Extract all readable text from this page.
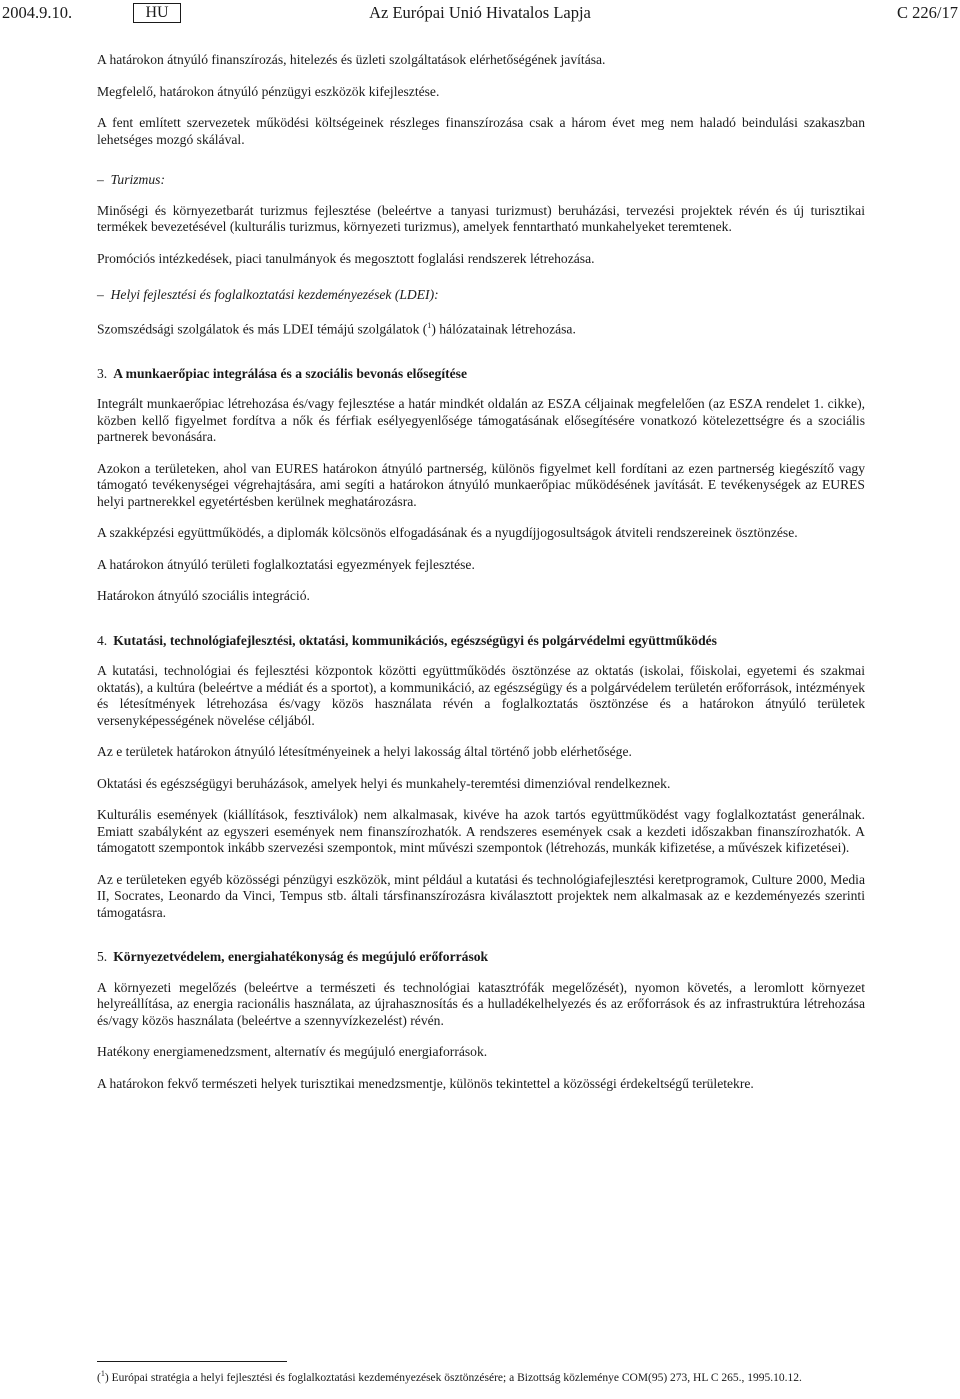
2004.9.10.	HU	Az Európai Unió Hivatalos Lapja	C 226/17

A határokon átnyúló finanszírozás, hitelezés és üzleti szolgáltatások elérhetőségének javítása.

Megfelelő, határokon átnyúló pénzügyi eszközök kifejlesztése.

A fent említett szervezetek működési költségeinek részleges finanszírozása csak a három évet meg nem haladó beindulási szakaszban lehetséges mozgó skálával.

– Turizmus:

Minőségi és környezetbarát turizmus fejlesztése (beleértve a tanyasi turizmust) beruházási, tervezési projektek révén és új turisztikai termékek bevezetésével (kulturális turizmus, környezeti turizmus), amelyek fenntartható munkahelyeket teremtenek.

Promóciós intézkedések, piaci tanulmányok és megosztott foglalási rendszerek létrehozása.

– Helyi fejlesztési és foglalkoztatási kezdeményezések (LDEI):

Szomszédsági szolgálatok és más LDEI témájú szolgálatok ($^1$) hálózatainak létrehozása.

3. A munkaerőpiac integrálása és a szociális bevonás elősegítése

Integrált munkaerőpiac létrehozása és/vagy fejlesztése a határ mindkét oldalán az ESZA céljainak megfelelően (az ESZA rendelet 1. cikke), közben kellő figyelmet fordítva a nők és férfiak esélyegyenlősége támogatásának elősegítésére vonatkozó kötelezettségre és a szociális partnerek bevonására.

Azokon a területeken, ahol van EURES határokon átnyúló partnerség, különös figyelmet kell fordítani az ezen partnerség kiegészítő vagy támogató tevékenységei végrehajtására, ami segíti a határokon átnyúló munkaerőpiac működésének javítását. E tevékenységek az EURES helyi partnerekkel egyetértésben kerülnek meghatározásra.

A szakképzési együttműködés, a diplomák kölcsönös elfogadásának és a nyugdíjjogosultságok átviteli rendszereinek ösztönzése.

A határokon átnyúló területi foglalkoztatási egyezmények fejlesztése.

Határokon átnyúló szociális integráció.

4. Kutatási, technológiafejlesztési, oktatási, kommunikációs, egészségügyi és polgárvédelmi együttműködés

A kutatási, technológiai és fejlesztési központok közötti együttműködés ösztönzése az oktatás (iskolai, főiskolai, egyetemi és szakmai oktatás), a kultúra (beleértve a médiát és a sportot), a kommunikáció, az egészségügy és a polgárvédelem területén erőforrások, intézmények és létesítmények létrehozása és/vagy közös használata révén a foglalkoztatás ösztönzése és a határokon átnyúló területek versenyképességének növelése céljából.

Az e területek határokon átnyúló létesítményeinek a helyi lakosság által történő jobb elérhetősége.

Oktatási és egészségügyi beruházások, amelyek helyi és munkahely-teremtési dimenzióval rendelkeznek.

Kulturális események (kiállítások, fesztiválok) nem alkalmasak, kivéve ha azok tartós együttműködést vagy foglalkoztatást generálnak. Emiatt szabályként az egyszeri események nem finanszírozhatók. A rendszeres események csak a kezdeti időszakban finanszírozhatók. A támogatott szempontok inkább szervezési szempontok, mint művészi szempontok (létrehozás, munkák kifizetése, a művészek kifizetései).

Az e területeken egyéb közösségi pénzügyi eszközök, mint például a kutatási és technológiafejlesztési keretprogramok, Culture 2000, Media II, Socrates, Leonardo da Vinci, Tempus stb. általi társfinanszírozásra kiválasztott projektek nem alkalmasak az e kezdeményezés szerinti támogatásra.

5. Környezetvédelem, energiahatékonyság és megújuló erőforrások

A környezeti megelőzés (beleértve a természeti és technológiai katasztrófák megelőzését), nyomon követés, a leromlott környezet helyreállítása, az energia racionális használata, az újrahasznosítás és a hulladékelhelyezés és az erőforrások és az infrastruktúra létrehozása és/vagy közös használata (beleértve a szennyvízkezelést) révén.

Hatékony energiamenedzsment, alternatív és megújuló energiaforrások.

A határokon fekvő természeti helyek turisztikai menedzsmentje, különös tekintettel a közösségi érdekeltségű területekre.

($^1$) Európai stratégia a helyi fejlesztési és foglalkoztatási kezdeményezések ösztönzésére; a Bizottság közleménye COM(95) 273, HL C 265., 1995.10.12.
